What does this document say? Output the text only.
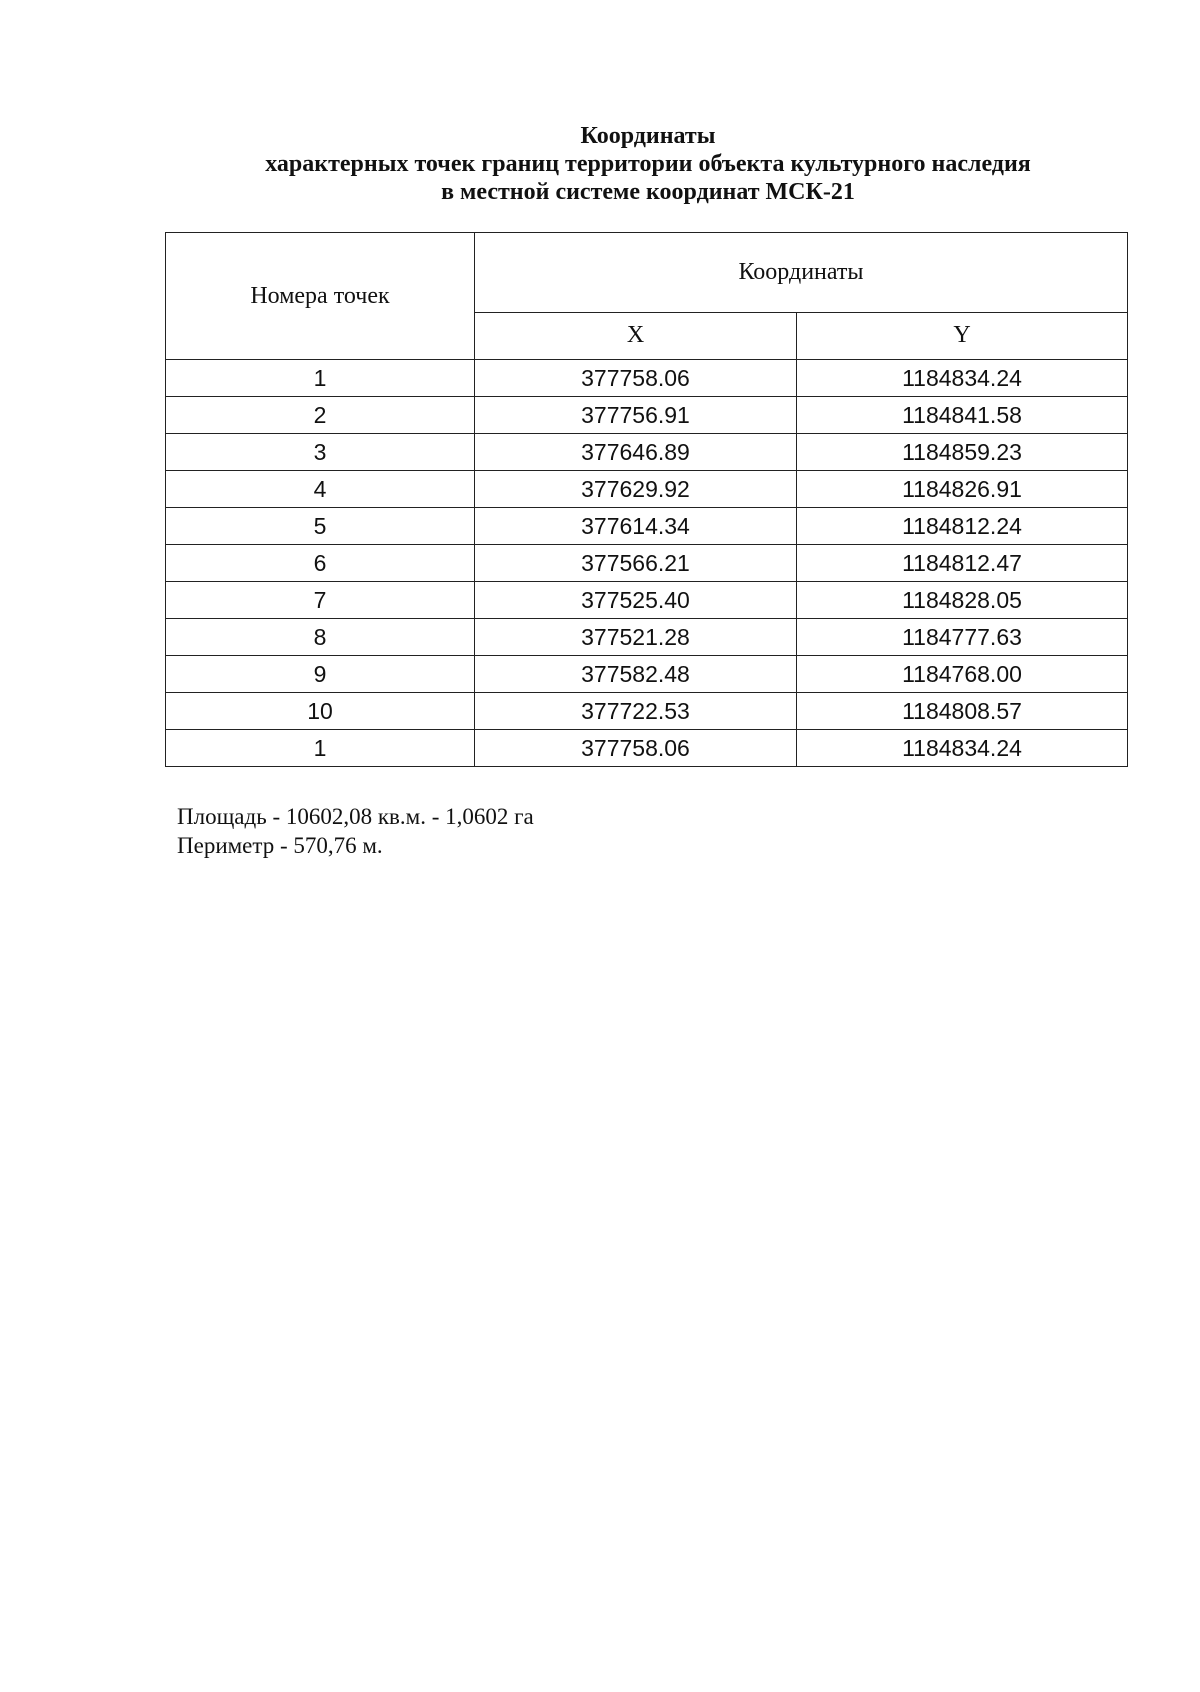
Координаты
характерных точек границ территории объекта культурного наследия
в местной системе координат МСК-21
Номера точек	Координаты	
	X	Y
1	377758.06	1184834.24
2	377756.91	1184841.58
3	377646.89	1184859.23
4	377629.92	1184826.91
5	377614.34	1184812.24
6	377566.21	1184812.47
7	377525.40	1184828.05
8	377521.28	1184777.63
9	377582.48	1184768.00
10	377722.53	1184808.57
1	377758.06	1184834.24
Площадь - 10602,08 кв.м. - 1,0602 га
Периметр - 570,76 м.
